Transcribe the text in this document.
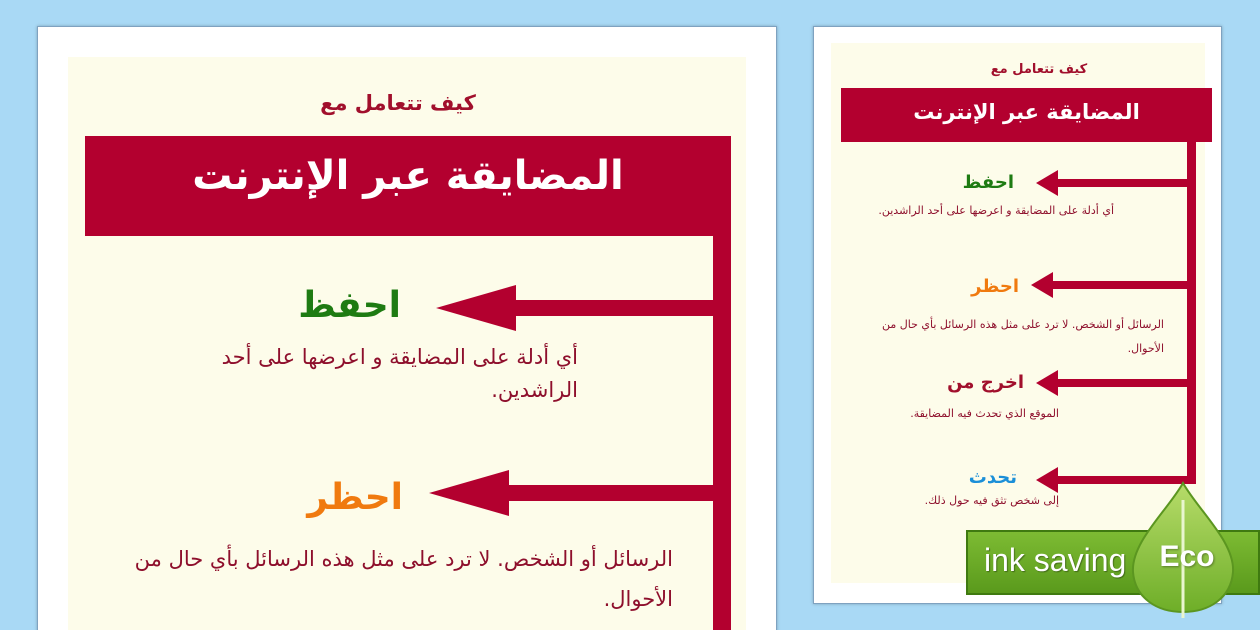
كيف تتعامل مع
المضايقة عبر الإنترنت
احفظ
أي أدلة على المضايقة و اعرضها على أحد الراشدين.
احظر
الرسائل أو الشخص. لا ترد على مثل هذه الرسائل بأي حال من الأحوال.
كيف تتعامل مع
المضايقة عبر الإنترنت
احفظ
أي أدلة على المضايقة و اعرضها على أحد الراشدين.
احظر
الرسائل أو الشخص. لا ترد على مثل هذه الرسائل بأي حال من الأحوال.
اخرج من
الموقع الذي تحدث فيه المضايقة.
تحدث
إلى شخص تثق فيه حول ذلك.
ink saving	Eco
